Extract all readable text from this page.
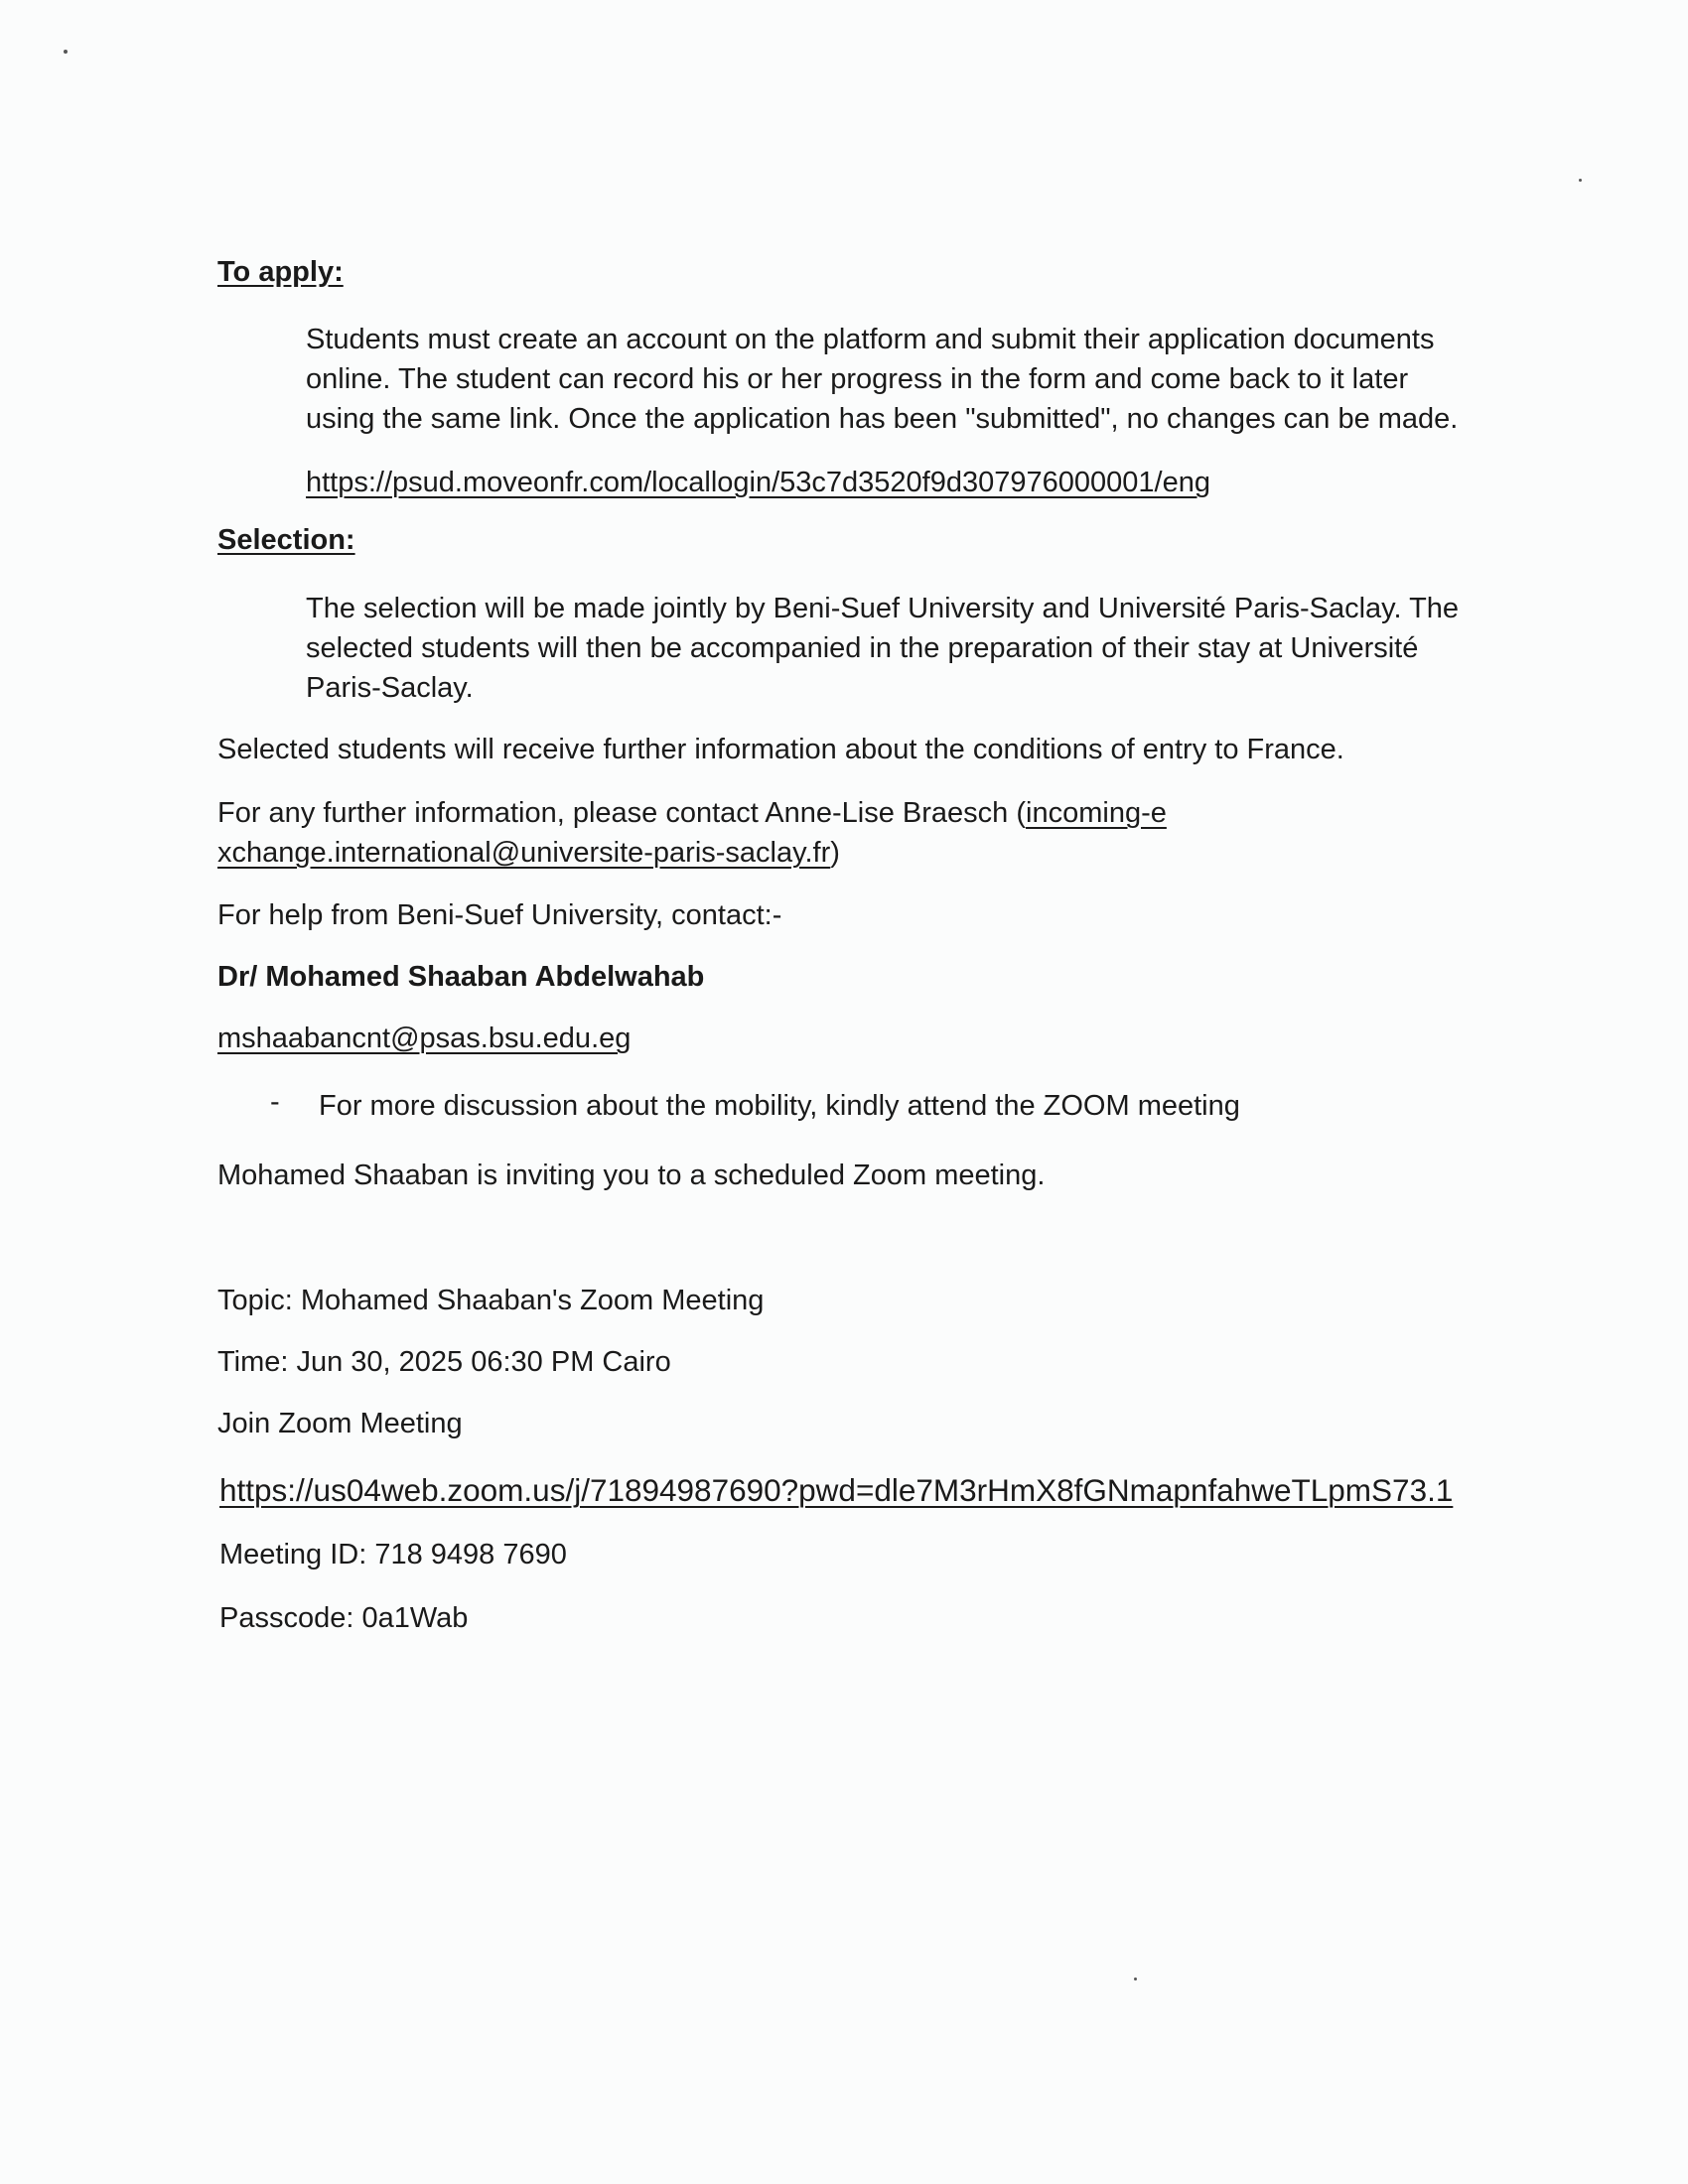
To apply:

Students must create an account on the platform and submit their application documents online. The student can record his or her progress in the form and come back to it later using the same link. Once the application has been "submitted", no changes can be made.

https://psud.moveonfr.com/locallogin/53c7d3520f9d307976000001/eng

Selection:

The selection will be made jointly by Beni-Suef University and Université Paris-Saclay. The selected students will then be accompanied in the preparation of their stay at Université Paris-Saclay.

Selected students will receive further information about the conditions of entry to France.

For any further information, please contact Anne-Lise Braesch (incoming-exchange.international@universite-paris-saclay.fr)

For help from Beni-Suef University, contact:-

Dr/ Mohamed Shaaban Abdelwahab

mshaabancnt@psas.bsu.edu.eg
- For more discussion about the mobility, kindly attend the ZOOM meeting

Mohamed Shaaban is inviting you to a scheduled Zoom meeting.

Topic: Mohamed Shaaban's Zoom Meeting

Time: Jun 30, 2025 06:30 PM Cairo

Join Zoom Meeting

https://us04web.zoom.us/j/71894987690?pwd=dle7M3rHmX8fGNmapnfahweTLpmS73.1

Meeting ID: 718 9498 7690

Passcode: 0a1Wab
